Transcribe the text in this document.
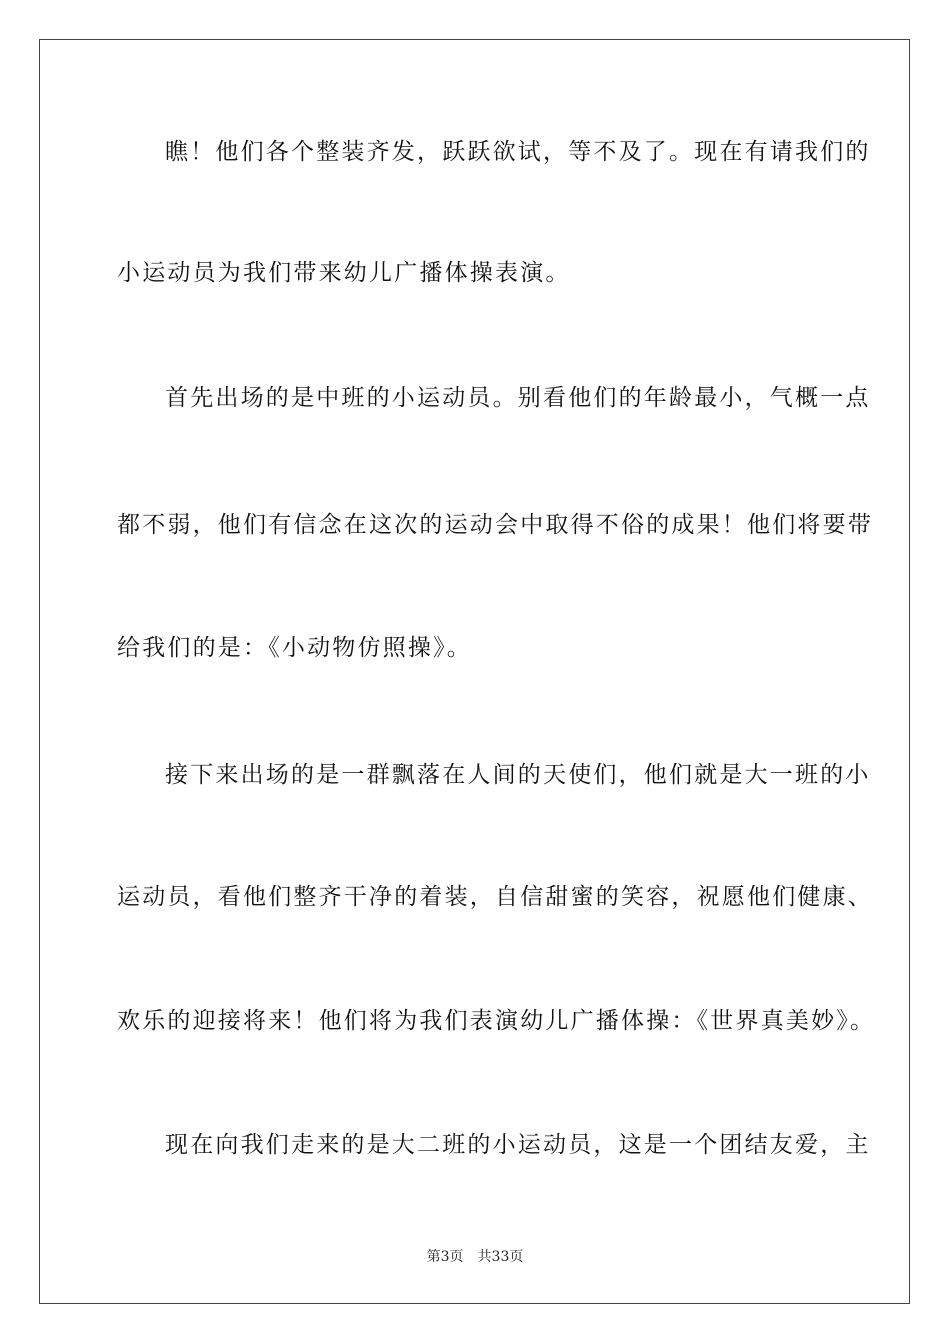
瞧！他们各个整装齐发，跃跃欲试，等不及了。现在有请我们的
小运动员为我们带来幼儿广播体操表演。
首先出场的是中班的小运动员。别看他们的年龄最小，气概一点
都不弱，他们有信念在这次的运动会中取得不俗的成果！他们将要带
给我们的是：《小动物仿照操》。
接下来出场的是一群飘落在人间的天使们，他们就是大一班的小
运动员，看他们整齐干净的着装，自信甜蜜的笑容，祝愿他们健康、
欢乐的迎接将来！他们将为我们表演幼儿广播体操：《世界真美妙》。
现在向我们走来的是大二班的小运动员，这是一个团结友爱，主
第3页 共33页
